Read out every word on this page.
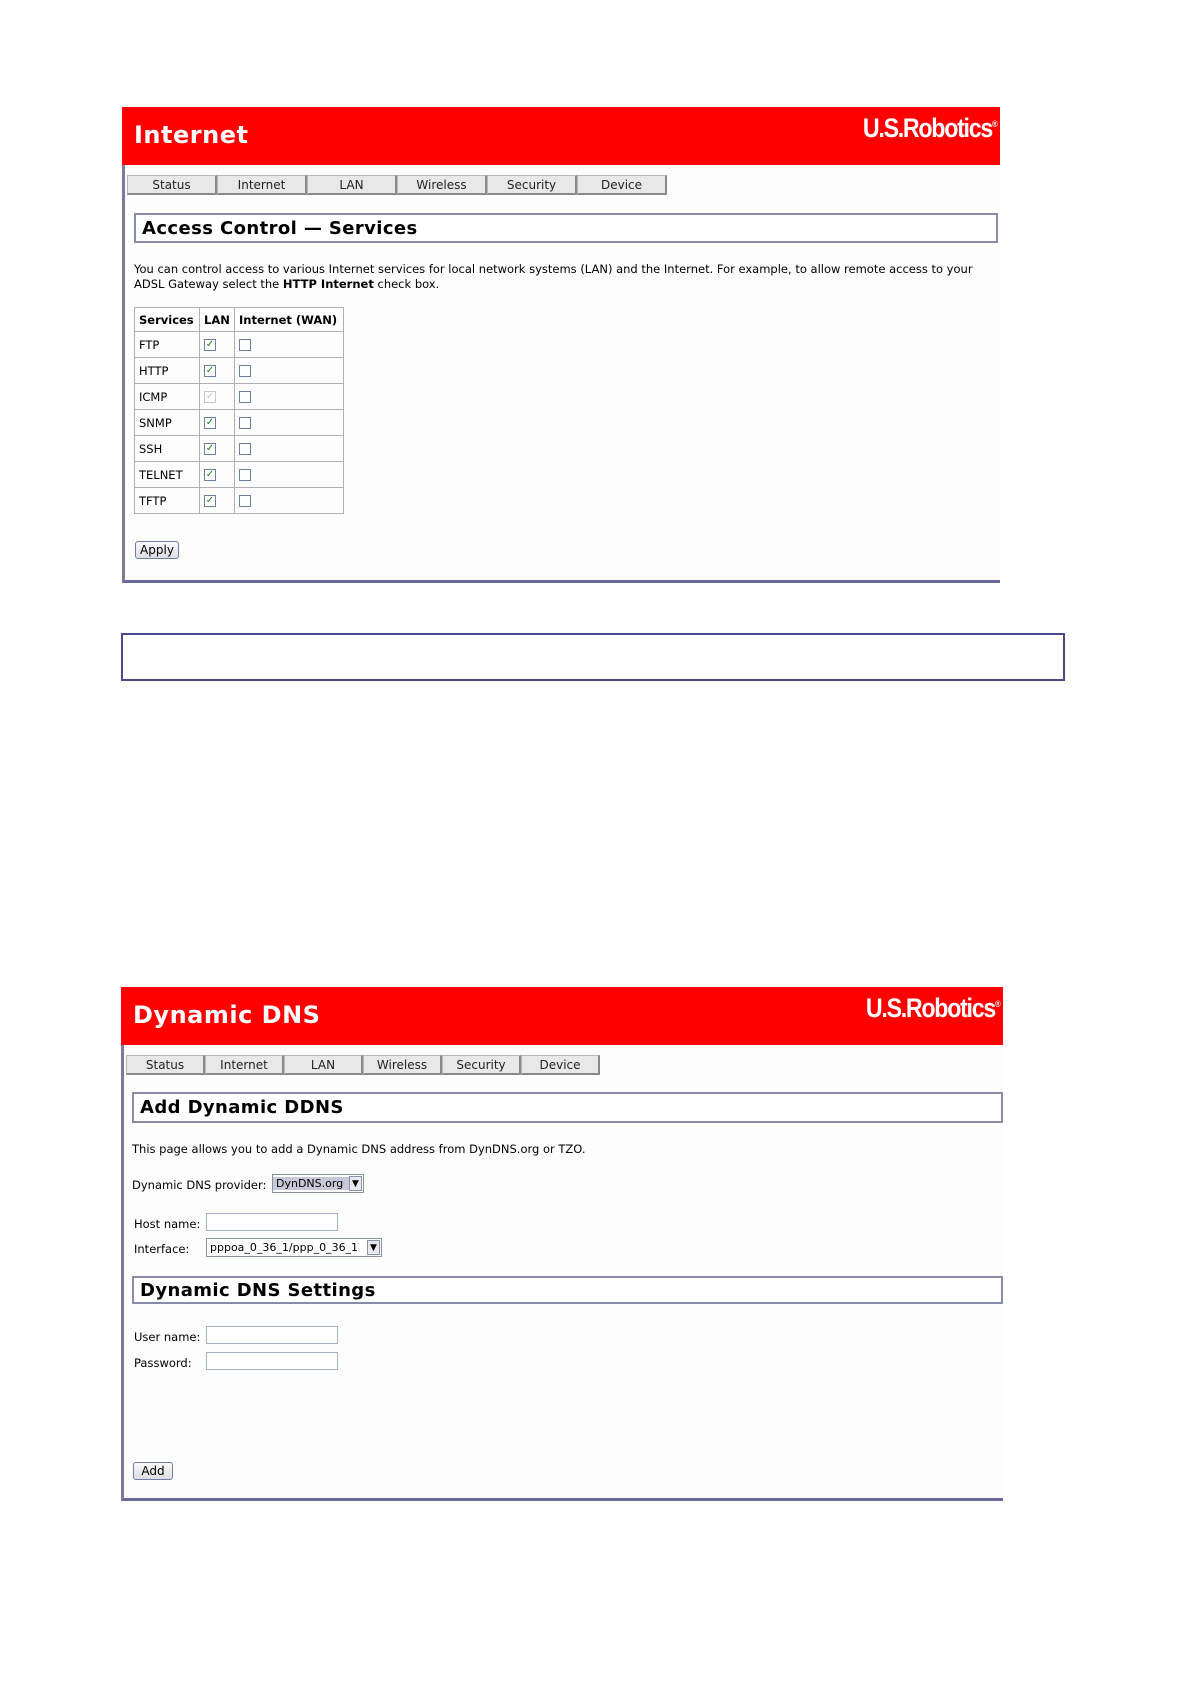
Internet	U.S.Robotics®
Status	Internet	LAN	Wireless	Security	Device
Access Control — Services
You can control access to various Internet services for local network systems (LAN) and the Internet. For example, to allow remote access to your ADSL Gateway select the HTTP Internet check box.
Services	LAN	Internet (WAN)
FTP	✓	
HTTP	✓	
ICMP	✓	
SNMP	✓	
SSH	✓	
TELNET	✓	
TFTP	✓	
Apply
Dynamic DNS	U.S.Robotics®
Status	Internet	LAN	Wireless	Security	Device
Add Dynamic DDNS
This page allows you to add a Dynamic DNS address from DynDNS.org or TZO.
Dynamic DNS provider: DynDNS.org ▼
Host name:
Interface: pppoa_0_36_1/ppp_0_36_1	▼
Dynamic DNS Settings
User name:
Password:
Add
